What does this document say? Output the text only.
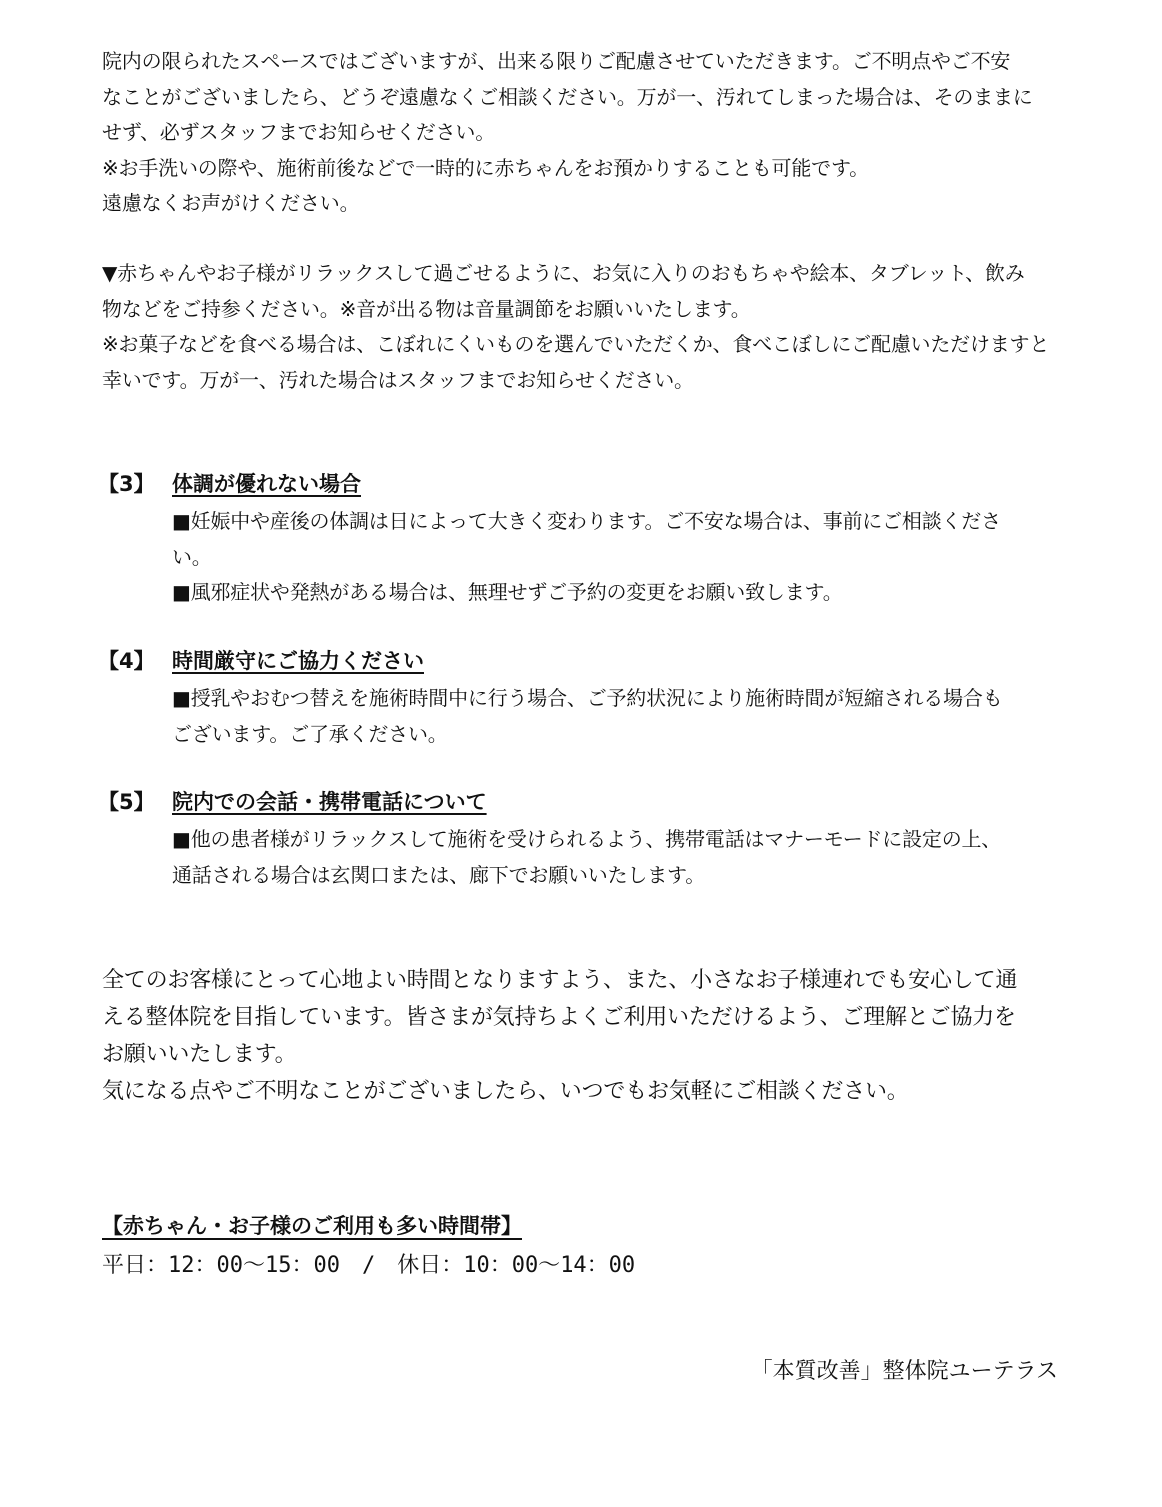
院内の限られたスペースではございますが、出来る限りご配慮させていただきます。ご不明点やご不安
なことがございましたら、どうぞ遠慮なくご相談ください。万が一、汚れてしまった場合は、そのままに
せず、必ずスタッフまでお知らせください。
※お手洗いの際や、施術前後などで一時的に赤ちゃんをお預かりすることも可能です。
遠慮なくお声がけください。
▼赤ちゃんやお子様がリラックスして過ごせるように、お気に入りのおもちゃや絵本、タブレット、飲み
物などをご持参ください。※音が出る物は音量調節をお願いいたします。
※お菓子などを食べる場合は、こぼれにくいものを選んでいただくか、食べこぼしにご配慮いただけますと
幸いです。万が一、汚れた場合はスタッフまでお知らせください。
【3】 体調が優れない場合
■妊娠中や産後の体調は日によって大きく変わります。ご不安な場合は、事前にご相談くださ
い。
■風邪症状や発熱がある場合は、無理せずご予約の変更をお願い致します。
【4】 時間厳守にご協力ください
■授乳やおむつ替えを施術時間中に行う場合、ご予約状況により施術時間が短縮される場合も
ございます。ご了承ください。
【5】 院内での会話・携帯電話について
■他の患者様がリラックスして施術を受けられるよう、携帯電話はマナーモードに設定の上、
通話される場合は玄関口または、廊下でお願いいたします。
全てのお客様にとって心地よい時間となりますよう、また、小さなお子様連れでも安心して通
える整体院を目指しています。皆さまが気持ちよくご利用いただけるよう、ご理解とご協力を
お願いいたします。
気になる点やご不明なことがございましたら、いつでもお気軽にご相談ください。
【赤ちゃん・お子様のご利用も多い時間帯】
平日：12：00～15：00　/　休日：10：00～14：00
「本質改善」整体院ユーテラス
